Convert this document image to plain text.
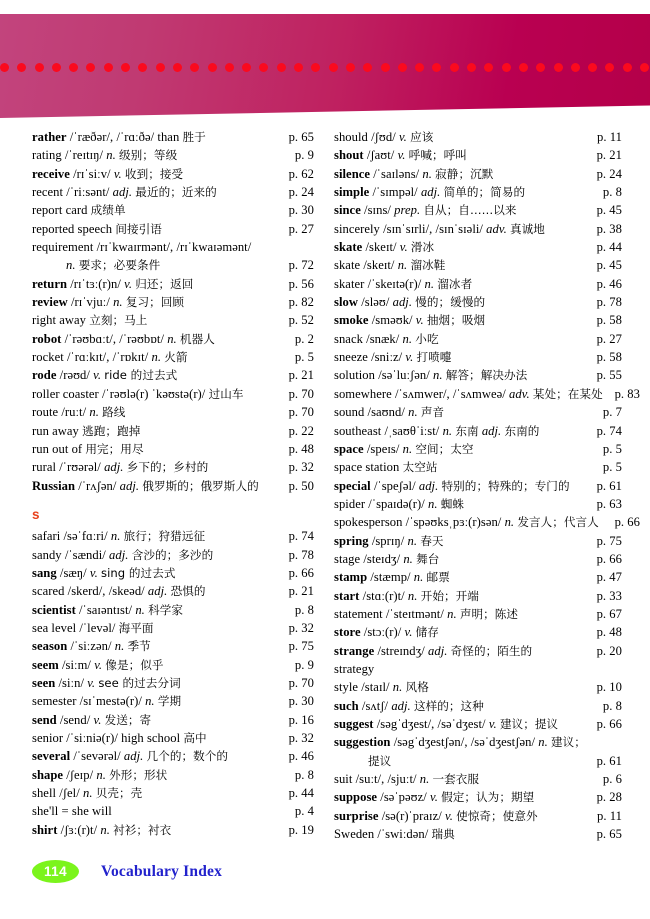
rather /ˈræðər/, /ˈrɑːðə/ than 胜于	p. 65
rating /ˈreɪtɪŋ/ n. 级别；等级	p. 9
receive /rɪˈsiːv/ v. 收到；接受	p. 62
recent /ˈriːsənt/ adj. 最近的；近来的	p. 24
report card 成绩单	p. 30
reported speech 间接引语	p. 27
requirement /rɪˈkwaɪrmənt/, /rɪˈkwaɪəmənt/
n. 要求；必要条件	p. 72
return /rɪˈtɜː(r)n/ v. 归还；返回	p. 56
review /rɪˈvjuː/ n. 复习；回顾	p. 82
right away 立刻；马上	p. 52
robot /ˈrəʊbɑːt/, /ˈrəʊbɒt/ n. 机器人	p. 2
rocket /ˈrɑːkɪt/, /ˈrɒkɪt/ n. 火箭	p. 5
rode /rəʊd/ v. ride 的过去式	p. 21
roller coaster /ˈrəʊlə(r) ˈkəʊstə(r)/ 过山车	p. 70
route /ruːt/ n. 路线	p. 70
run away 逃跑；跑掉	p. 22
run out of 用完；用尽	p. 48
rural /ˈrʊərəl/ adj. 乡下的；乡村的	p. 32
Russian /ˈrʌʃən/ adj. 俄罗斯的；俄罗斯人的 p. 50
s
safari /səˈfɑːri/ n. 旅行；狩猎远征	p. 74
sandy /ˈsændi/ adj. 含沙的；多沙的	p. 78
sang /sæŋ/ v. sing 的过去式	p. 66
scared /skerd/, /skeəd/ adj. 恐惧的	p. 21
scientist /ˈsaɪəntɪst/ n. 科学家	p. 8
sea level /ˈlevəl/ 海平面	p. 32
season /ˈsiːzən/ n. 季节	p. 75
seem /siːm/ v. 像是；似乎	p. 9
seen /siːn/ v. see 的过去分词	p. 70
semester /sɪˈmestə(r)/ n. 学期	p. 30
send /send/ v. 发送；寄	p. 16
senior /ˈsiːniə(r)/ high school 高中	p. 32
several /ˈsevərəl/ adj. 几个的；数个的	p. 46
shape /ʃeɪp/ n. 外形；形状	p. 8
shell /ʃel/ n. 贝壳；壳	p. 44
she'll = she will	p. 4
shirt /ʃɜː(r)t/ n. 衬衫；衬衣	p. 19
should /ʃʊd/ v. 应该	p. 11
shout /ʃaʊt/ v. 呼喊；呼叫	p. 21
silence /ˈsaɪləns/ n. 寂静；沉默	p. 24
simple /ˈsɪmpəl/ adj. 简单的；简易的	p. 8
since /sɪns/ prep. 自从；自……以来	p. 45
sincerely /sɪnˈsɪrli/, /sɪnˈsɪəli/ adv. 真诚地	p. 38
skate /skeɪt/ v. 滑冰	p. 44
skate /skeɪt/ n. 溜冰鞋	p. 45
skater /ˈskeɪtə(r)/ n. 溜冰者	p. 46
slow /sləʊ/ adj. 慢的；缓慢的	p. 78
smoke /sməʊk/ v. 抽烟；吸烟	p. 58
snack /snæk/ n. 小吃	p. 27
sneeze /sniːz/ v. 打喷嚏	p. 58
solution /səˈluːʃən/ n. 解答；解决办法	p. 55
somewhere /ˈsʌmwer/, /ˈsʌmweə/ adv. 某处；在某处 p. 83
sound /saʊnd/ n. 声音	p. 7
southeast /ˌsaʊθˈiːst/ n. 东南 adj. 东南的	p. 74
space /speɪs/ n. 空间；太空	p. 5
space station 太空站	p. 5
special /ˈspeʃəl/ adj. 特别的；特殊的；专门的 p. 61
spider /ˈspaɪdə(r)/ n. 蜘蛛	p. 63
spokesperson /ˈspəʊksˌpɜː(r)sən/ n. 发言人；代言人 p. 66
spring /sprɪŋ/ n. 春天	p. 75
stage /steɪdʒ/ n. 舞台	p. 66
stamp /stæmp/ n. 邮票	p. 47
start /stɑː(r)t/ n. 开始；开端	p. 33
statement /ˈsteɪtmənt/ n. 声明；陈述	p. 67
store /stɔː(r)/ v. 储存	p. 48
strange /streɪndʒ/ adj. 奇怪的；陌生的	p. 20
strategy
style /staɪl/ n. 风格	p. 10
such /sʌtʃ/ adj. 这样的；这种	p. 8
suggest /səgˈdʒest/, /səˈdʒest/ v. 建议；提议	p. 66
suggestion /səgˈdʒestʃən/, /səˈdʒestʃən/ n. 建议；
提议	p. 61
suit /suːt/, /sjuːt/ n. 一套衣服	p. 6
suppose /səˈpəʊz/ v. 假定；认为；期望	p. 28
surprise /sə(r)ˈpraɪz/ v. 使惊奇；使意外	p. 11
Sweden /ˈswiːdən/ 瑞典	p. 65
114	Vocabulary Index
